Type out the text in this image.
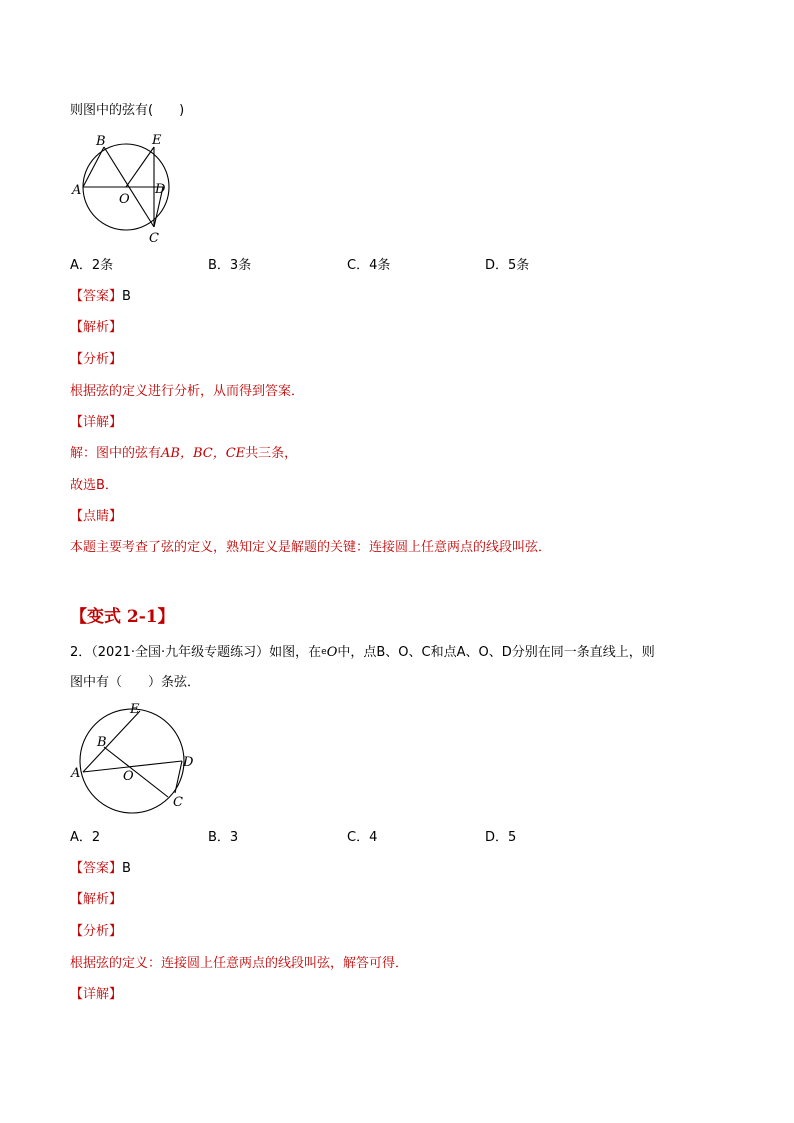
则图中的弦有(　　)
B	E
A
O
D
C
A．2条	B．3条	C．4条	D．5条
【答案】B
【解析】
【分析】
根据弦的定义进行分析，从而得到答案．
【详解】
解：图中的弦有AB，BC，CE共三条，
故选B．
【点睛】
本题主要考查了弦的定义，熟知定义是解题的关键：连接圆上任意两点的线段叫弦．
【变式 2-1】
2．（2021·全国·九年级专题练习）如图，在eO中，点B、O、C和点A、O、D分别在同一条直线上，则
图中有（　　）条弦．
E
B
A	O
D
C
A．2	B．3	C．4	D．5
【答案】B
【解析】
【分析】
根据弦的定义：连接圆上任意两点的线段叫弦，解答可得．
【详解】
